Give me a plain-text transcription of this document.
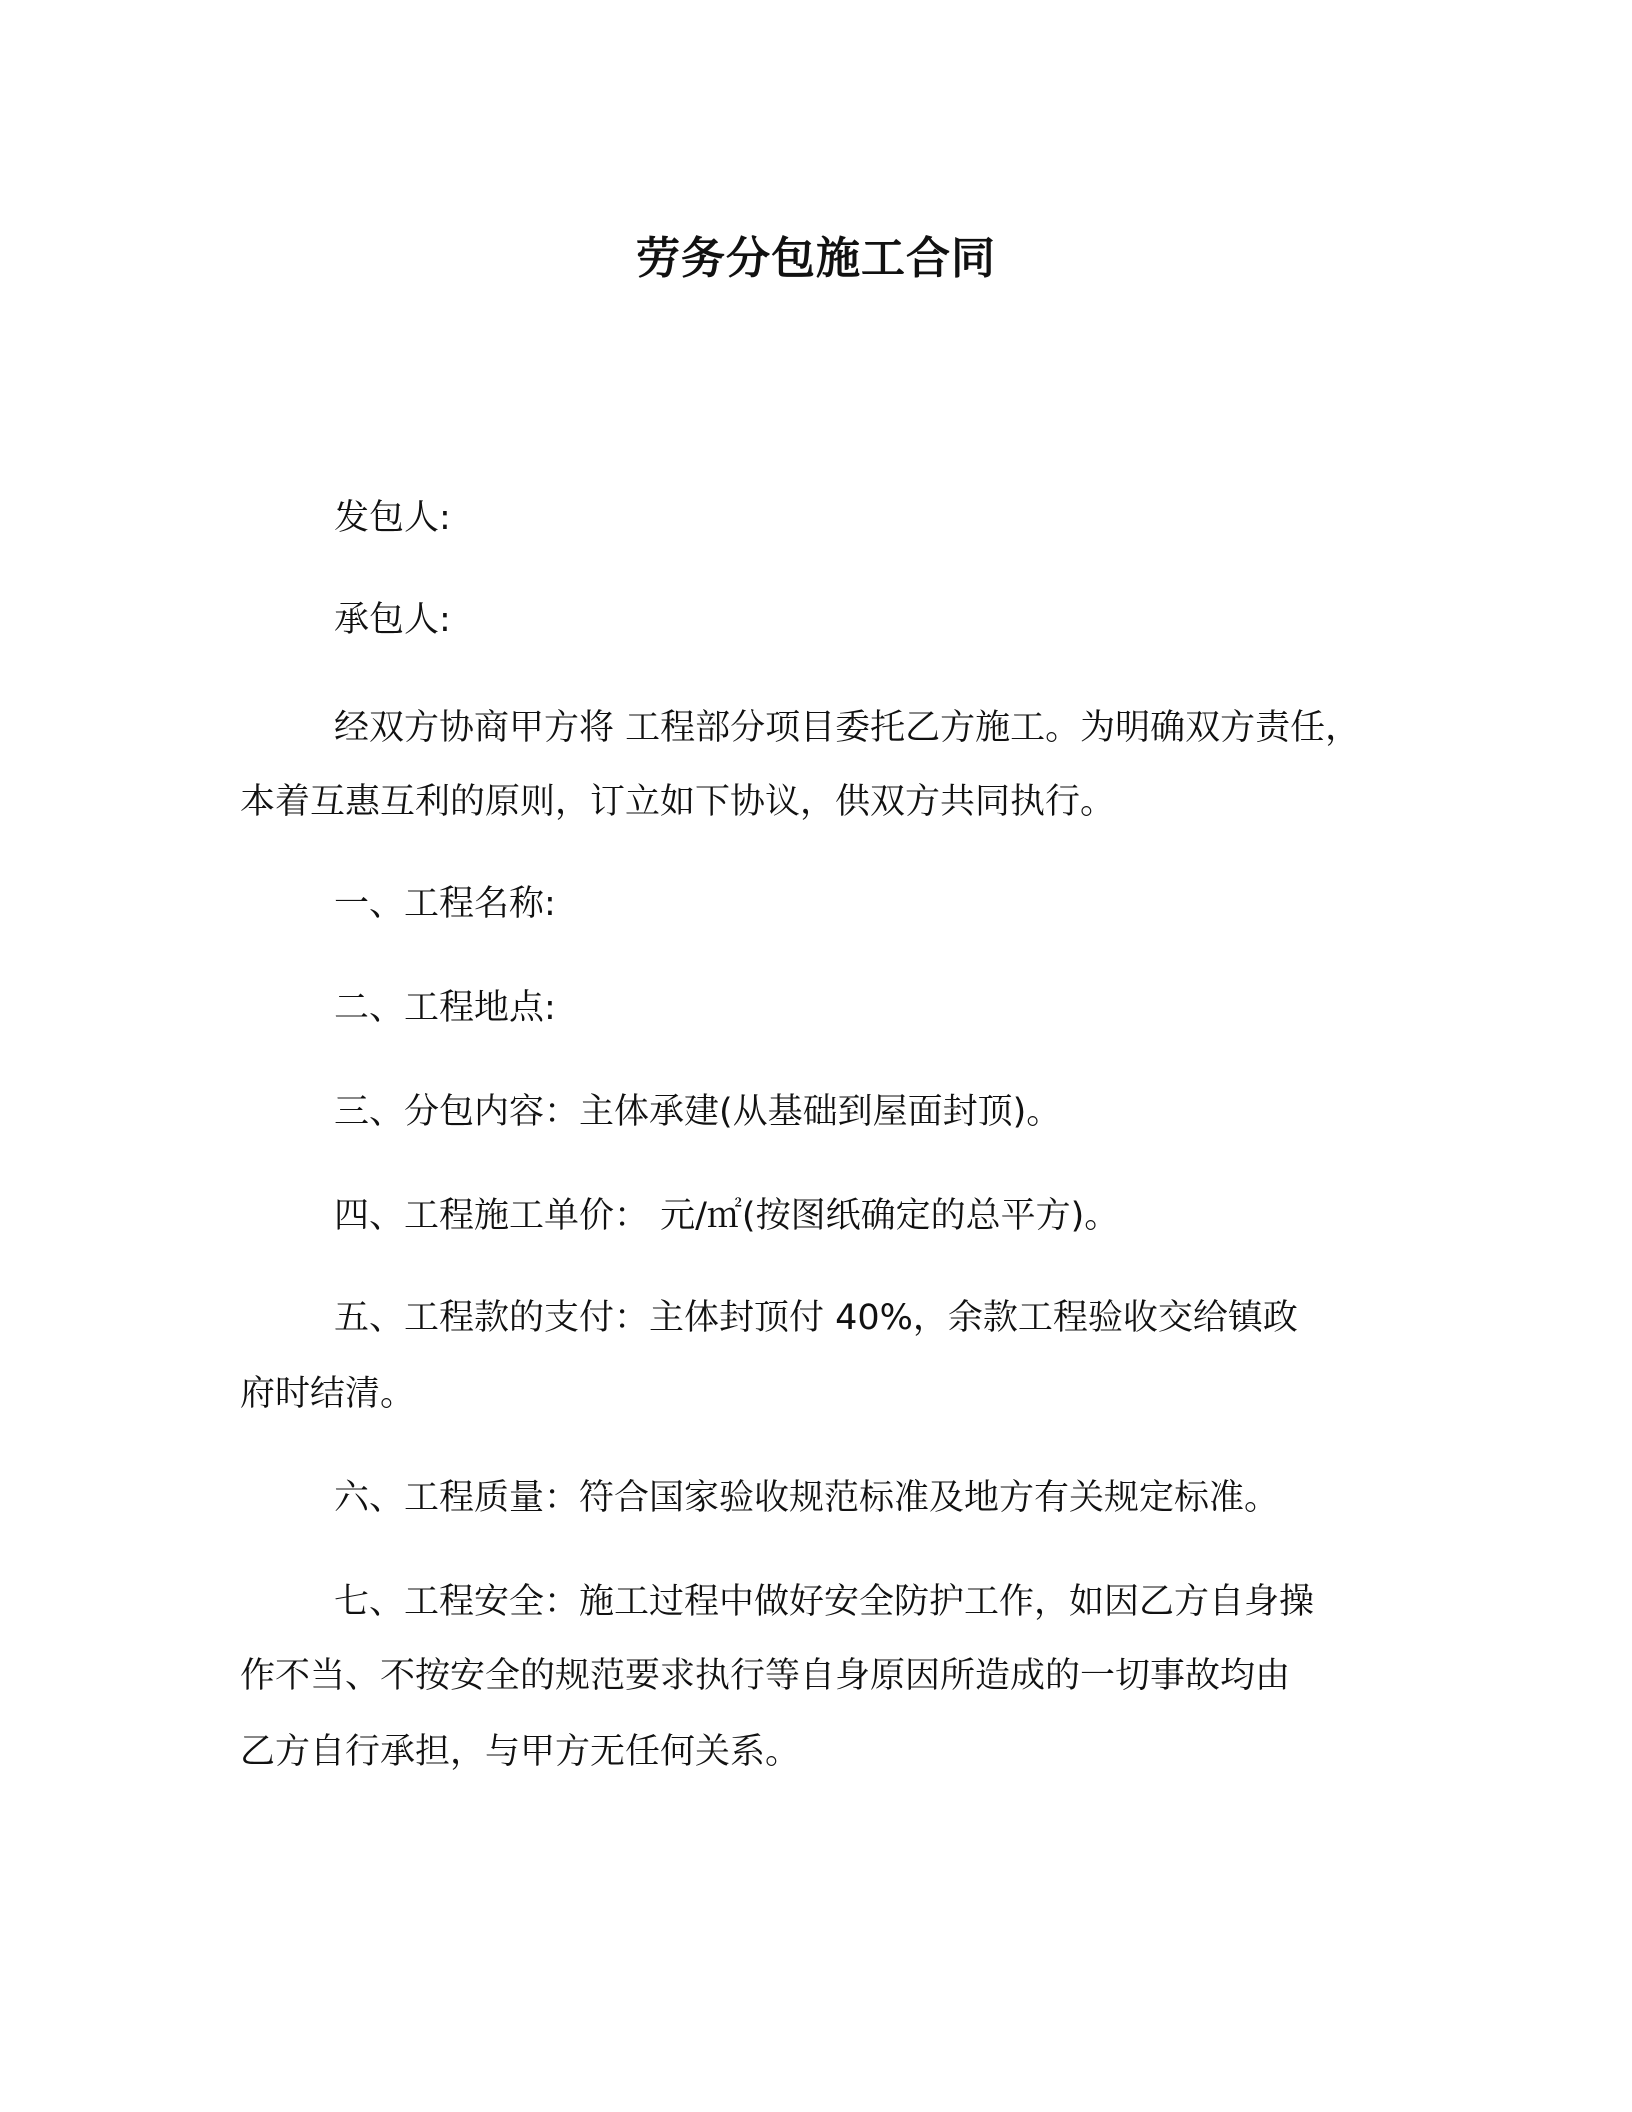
劳务分包施工合同

发包人:

承包人:

经双方协商甲方将 工程部分项目委托乙方施工。为明确双方责任，

本着互惠互利的原则，订立如下协议，供双方共同执行。

一、工程名称:

二、工程地点:

三、分包内容：主体承建(从基础到屋面封顶)。

四、工程施工单价： 元/㎡(按图纸确定的总平方)。

五、工程款的支付：主体封顶付 40%，余款工程验收交给镇政

府时结清。

六、工程质量：符合国家验收规范标准及地方有关规定标准。

七、工程安全：施工过程中做好安全防护工作，如因乙方自身操

作不当、不按安全的规范要求执行等自身原因所造成的一切事故均由

乙方自行承担，与甲方无任何关系。
